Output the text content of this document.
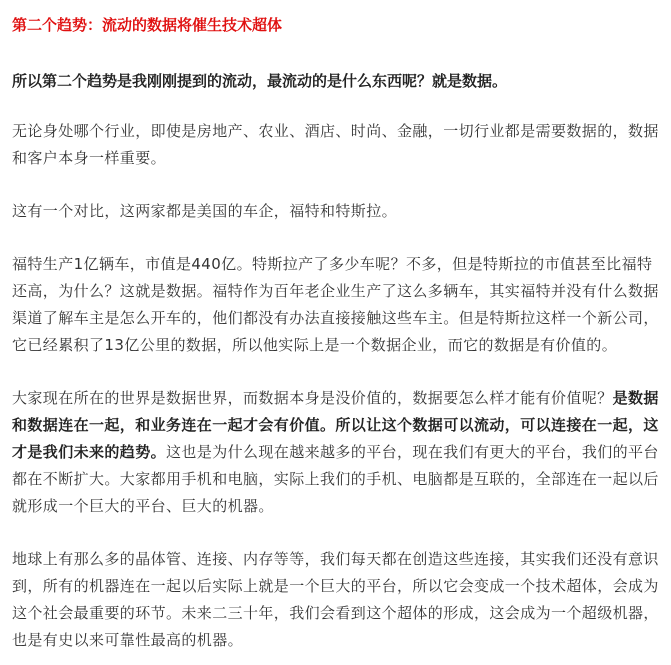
第二个趋势：流动的数据将催生技术超体

所以第二个趋势是我刚刚提到的流动，最流动的是什么东西呢？就是数据。

无论身处哪个行业，即使是房地产、农业、酒店、时尚、金融，一切行业都是需要数据的，数据和客户本身一样重要。

这有一个对比，这两家都是美国的车企，福特和特斯拉。

福特生产1亿辆车，市值是440亿。特斯拉产了多少车呢？不多，但是特斯拉的市值甚至比福特还高，为什么？这就是数据。福特作为百年老企业生产了这么多辆车，其实福特并没有什么数据渠道了解车主是怎么开车的，他们都没有办法直接接触这些车主。但是特斯拉这样一个新公司，它已经累积了13亿公里的数据，所以他实际上是一个数据企业，而它的数据是有价值的。

大家现在所在的世界是数据世界，而数据本身是没价值的，数据要怎么样才能有价值呢？是数据和数据连在一起，和业务连在一起才会有价值。所以让这个数据可以流动，可以连接在一起，这才是我们未来的趋势。这也是为什么现在越来越多的平台，现在我们有更大的平台，我们的平台都在不断扩大。大家都用手机和电脑，实际上我们的手机、电脑都是互联的，全部连在一起以后就形成一个巨大的平台、巨大的机器。

地球上有那么多的晶体管、连接、内存等等，我们每天都在创造这些连接，其实我们还没有意识到，所有的机器连在一起以后实际上就是一个巨大的平台，所以它会变成一个技术超体，会成为这个社会最重要的环节。未来二三十年，我们会看到这个超体的形成，这会成为一个超级机器，也是有史以来可靠性最高的机器。
